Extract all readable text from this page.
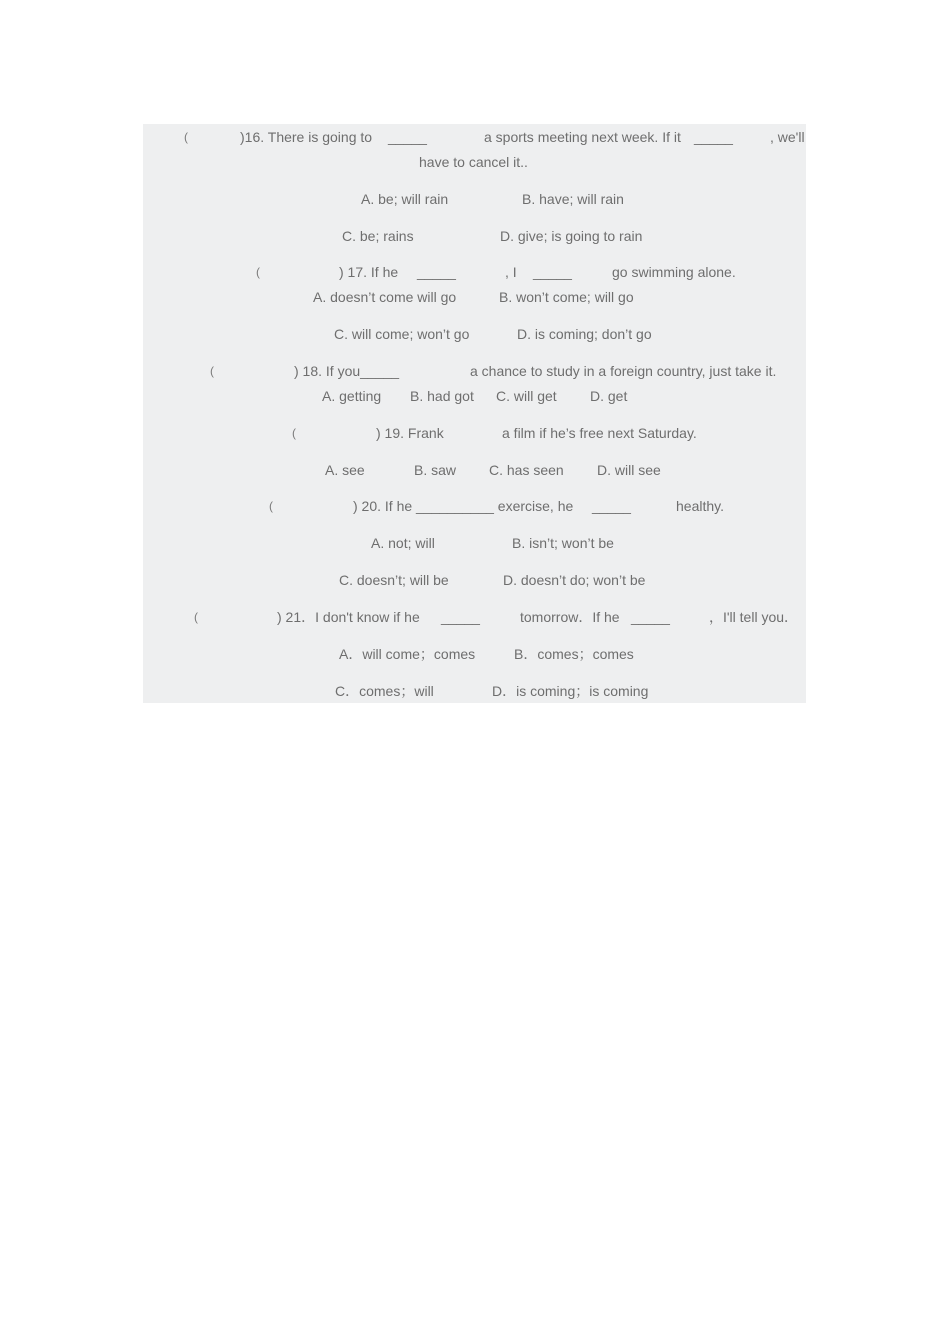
(	)16. There is going to _____	a sports meeting next week. If it _____	, we'll
have to cancel it..
A. be; will rain	B. have; will rain
C. be; rains	D. give; is going to rain
(	) 17. If he _____	, I _____	go swimming alone.
A. doesn’t come will go	B. won’t come; will go
C. will come; won’t go	D. is coming; don’t go
(	) 18. If you_____	a chance to study in a foreign country, just take it.
A. getting B. had got C. will get D. get
(	) 19. Frank	a film if he’s free next Saturday.
A. see	B. saw C. has seen D. will see
(	) 20. If he __________ exercise, he _____	healthy.
A. not; will	B. isn’t; won’t be
C. doesn’t; will be	D. doesn’t do; won’t be
(	) 21．I don't know if he _____	tomorrow．If he _____	，I'll tell you．
A．will come；comes	B．comes；comes
C．comes；will	D．is coming；is coming
